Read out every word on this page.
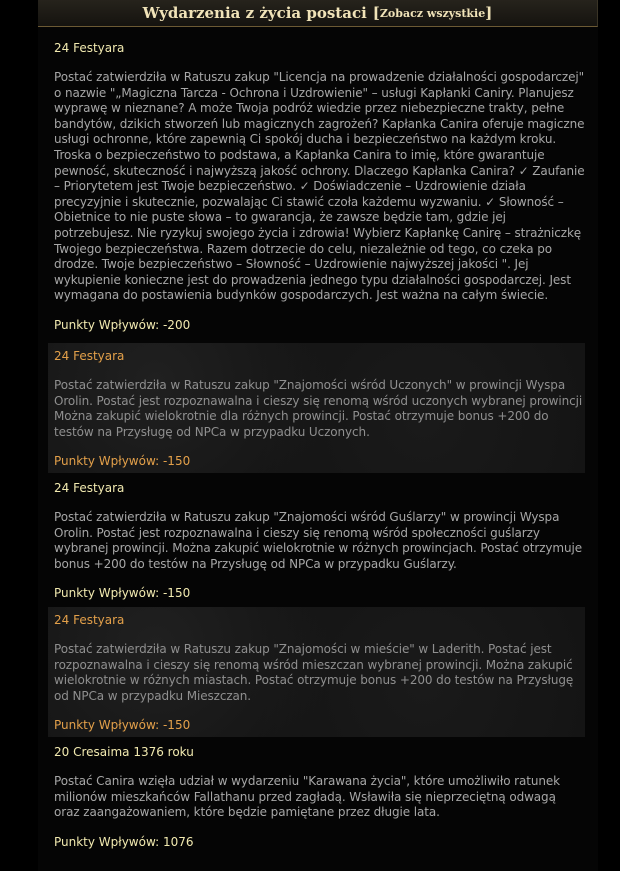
Wydarzenia z życia postaci [ Zobacz wszystkie ]
24 Festyara
Postać zatwierdziła w Ratuszu zakup "Licencja na prowadzenie działalności gospodarczej" o nazwie "„Magiczna Tarcza - Ochrona i Uzdrowienie" – usługi Kapłanki Caniry. Planujesz wyprawę w nieznane? A może Twoja podróż wiedzie przez niebezpieczne trakty, pełne bandytów, dzikich stworzeń lub magicznych zagrożeń? Kapłanka Canira oferuje magiczne usługi ochronne, które zapewnią Ci spokój ducha i bezpieczeństwo na każdym kroku. Troska o bezpieczeństwo to podstawa, a Kapłanka Canira to imię, które gwarantuje pewność, skuteczność i najwyższą jakość ochrony. Dlaczego Kapłanka Canira? ✓ Zaufanie – Priorytetem jest Twoje bezpieczeństwo. ✓ Doświadczenie – Uzdrowienie działa precyzyjnie i skutecznie, pozwalając Ci stawić czoła każdemu wyzwaniu. ✓ Słowność – Obietnice to nie puste słowa – to gwarancja, że zawsze będzie tam, gdzie jej potrzebujesz. Nie ryzykuj swojego życia i zdrowia! Wybierz Kapłankę Canirę – strażniczkę Twojego bezpieczeństwa. Razem dotrzecie do celu, niezależnie od tego, co czeka po drodze. Twoje bezpieczeństwo – Słowność – Uzdrowienie najwyższej jakości ". Jej wykupienie konieczne jest do prowadzenia jednego typu działalności gospodarczej. Jest wymagana do postawienia budynków gospodarczych. Jest ważna na całym świecie.
Punkty Wpływów: -200
24 Festyara
Postać zatwierdziła w Ratuszu zakup "Znajomości wśród Uczonych" w prowincji Wyspa Orolin. Postać jest rozpoznawalna i cieszy się renomą wśród uczonych wybranej prowincji Można zakupić wielokrotnie dla różnych prowincji. Postać otrzymuje bonus +200 do testów na Przysługę od NPCa w przypadku Uczonych.
Punkty Wpływów: -150
24 Festyara
Postać zatwierdziła w Ratuszu zakup "Znajomości wśród Guślarzy" w prowincji Wyspa Orolin. Postać jest rozpoznawalna i cieszy się renomą wśród społeczności guślarzy wybranej prowincji. Można zakupić wielokrotnie w różnych prowincjach. Postać otrzymuje bonus +200 do testów na Przysługę od NPCa w przypadku Guślarzy.
Punkty Wpływów: -150
24 Festyara
Postać zatwierdziła w Ratuszu zakup "Znajomości w mieście" w Laderith. Postać jest rozpoznawalna i cieszy się renomą wśród mieszczan wybranej prowincji. Można zakupić wielokrotnie w różnych miastach. Postać otrzymuje bonus +200 do testów na Przysługę od NPCa w przypadku Mieszczan.
Punkty Wpływów: -150
20 Cresaima 1376 roku
Postać Canira wzięła udział w wydarzeniu "Karawana życia", które umożliwiło ratunek milionów mieszkańców Fallathanu przed zagładą. Wsławiła się nieprzeciętną odwagą oraz zaangażowaniem, które będzie pamiętane przez długie lata.
Punkty Wpływów: 1076
